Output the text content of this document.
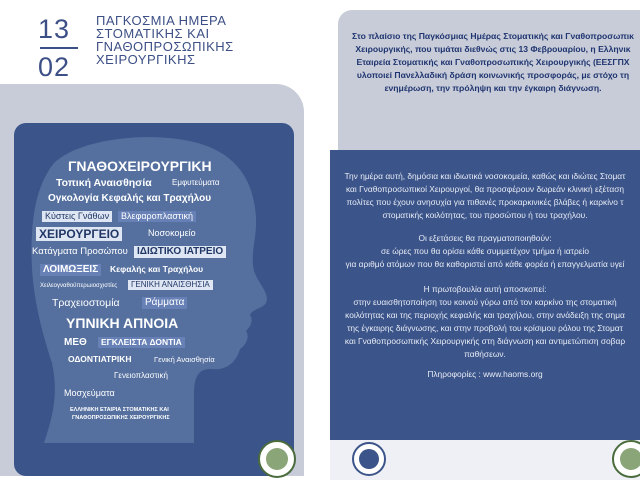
13
02
ΠΑΓΚΟΣΜΙΑ ΗΜΕΡΑ
ΣΤΟΜΑΤΙΚΗΣ ΚΑΙ
ΓΝΑΘΟΠΡΟΣΩΠΙΚΗΣ
ΧΕΙΡΟΥΡΓΙΚΗΣ
ΓΝΑΘΟΧΕΙΡΟΥΡΓΙΚΗ
Τοπική Αναισθησία	Εμφυτεύματα
Ογκολογία Κεφαλής και Τραχήλου
Κύστεις Γνάθων	Βλεφαροπλαστική
ΧΕΙΡΟΥΡΓΕΙΟ	Νοσοκομείο
Κατάγματα Προσώπου ΙΔΙΩΤΙΚΟ ΙΑΤΡΕΙΟ
ΛΟΙΜΩΞΕΙΣ	Κεφαλής και Τραχήλου
Χειλεογναθοϋπερωιοσχιστίες	ΓΕΝΙΚΗ ΑΝΑΙΣΘΗΣΙΑ
Τραχειοστομία	Ράμματα
ΥΠΝΙΚΗ ΑΠΝΟΙΑ
ΜΕΘ	ΕΓΚΛΕΙΣΤΑ ΔΟΝΤΙΑ
ΟΔΟΝΤΙΑΤΡΙΚΗ	Γενική Αναισθησία
Γενειοπλαστική
Μοσχεύματα
ΕΛΛΗΝΙΚΗ ΕΤΑΙΡΙΑ ΣΤΟΜΑΤΙΚΗΣ ΚΑΙ
ΓΝΑΘΟΠΡΟΣΩΠΙΚΗΣ ΧΕΙΡΟΥΡΓΙΚΗΣ
Στο πλαίσιο της Παγκόσμιας Ημέρας Στοματικής και Γναθοπροσωπικ
Χειρουργικής, που τιμάται διεθνώς στις 13 Φεβρουαρίου, η Ελληνικ
Εταιρεία Στοματικής και Γναθοπροσωπικής Χειρουργικής (ΕΕΣΓΠΧ
υλοποιεί Πανελλαδική δράση κοινωνικής προσφοράς, με στόχο τη
ενημέρωση, την πρόληψη και την έγκαιρη διάγνωση.
Την ημέρα αυτή, δημόσια και ιδιωτικά νοσοκομεία, καθώς και ιδιώτες Στοματ
και Γναθοπροσωπικοί Χειρουργοί, θα προσφέρουν δωρεάν κλινική εξέταση
πολίτες που έχουν ανησυχία για πιθανές προκαρκινικές βλάβες ή καρκίνο τ
στοματικής κοιλότητας, του προσώπου ή του τραχήλου.
Οι εξετάσεις θα πραγματοποιηθούν:
σε ώρες που θα ορίσει κάθε συμμετέχον τμήμα ή ιατρείο
για αριθμό ατόμων που θα καθοριστεί από κάθε φορέα ή επαγγελματία υγεί
Η πρωτοβουλία αυτή αποσκοπεί:
στην ευαισθητοποίηση του κοινού γύρω από τον καρκίνο της στοματική
κοιλότητας και της περιοχής κεφαλής και τραχήλου, στην ανάδειξη της σημα
της έγκαιρης διάγνωσης, και στην προβολή του κρίσιμου ρόλου της Στοματ
και Γναθοπροσωπικής Χειρουργικής στη διάγνωση και αντιμετώπιση σοβαρ
παθήσεων.
Πληροφορίες : www.haoms.org
